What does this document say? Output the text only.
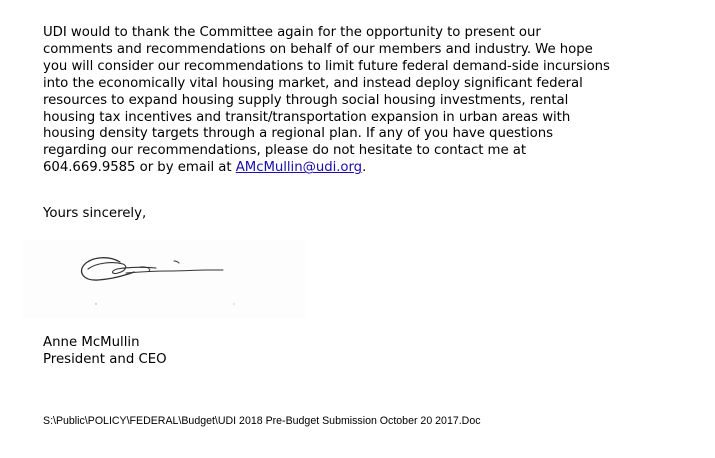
UDI would to thank the Committee again for the opportunity to present our
comments and recommendations on behalf of our members and industry. We hope
you will consider our recommendations to limit future federal demand-side incursions
into the economically vital housing market, and instead deploy significant federal
resources to expand housing supply through social housing investments, rental
housing tax incentives and transit/transportation expansion in urban areas with
housing density targets through a regional plan. If any of you have questions
regarding our recommendations, please do not hesitate to contact me at
604.669.9585 or by email at AMcMullin@udi.org.
Yours sincerely,
Anne McMullin
President and CEO
S:\Public\POLICY\FEDERAL\Budget\UDI 2018 Pre-Budget Submission October 20 2017.Doc
